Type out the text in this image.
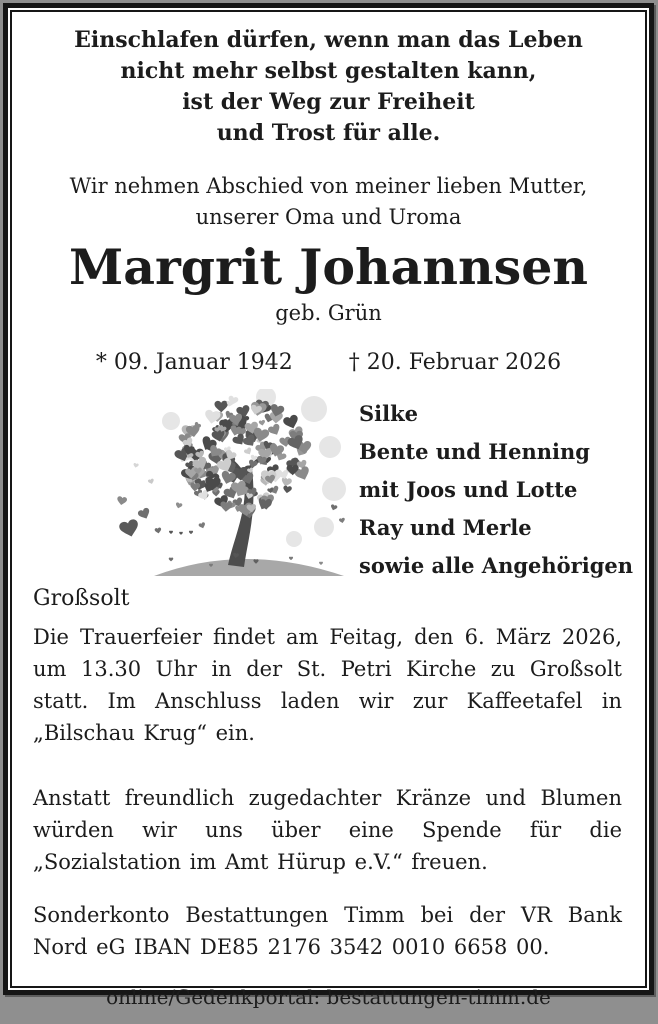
Einschlafen dürfen, wenn man das Leben
nicht mehr selbst gestalten kann,
ist der Weg zur Freiheit
und Trost für alle.
Wir nehmen Abschied von meiner lieben Mutter,
unserer Oma und Uroma
Margrit Johannsen
geb. Grün
* 09. Januar 1942	† 20. Februar 2026
Silke
Bente und Henning
mit Joos und Lotte
Ray und Merle
sowie alle Angehörigen
Großsolt

Die Trauerfeier findet am Feitag, den 6. März 2026, um 13.30 Uhr in der St. Petri Kirche zu Großsolt statt. Im Anschluss laden wir zur Kaffeetafel in „Bilschau Krug“ ein.

Anstatt freundlich zugedachter Kränze und Blumen würden wir uns über eine Spende für die „Sozialstation im Amt Hürup e.V.“ freuen.

Sonderkonto Bestattungen Timm bei der VR Bank Nord eG IBAN DE85 2176 3542 0010 6658 00.

online/Gedenkportal: bestattungen-timm.de
